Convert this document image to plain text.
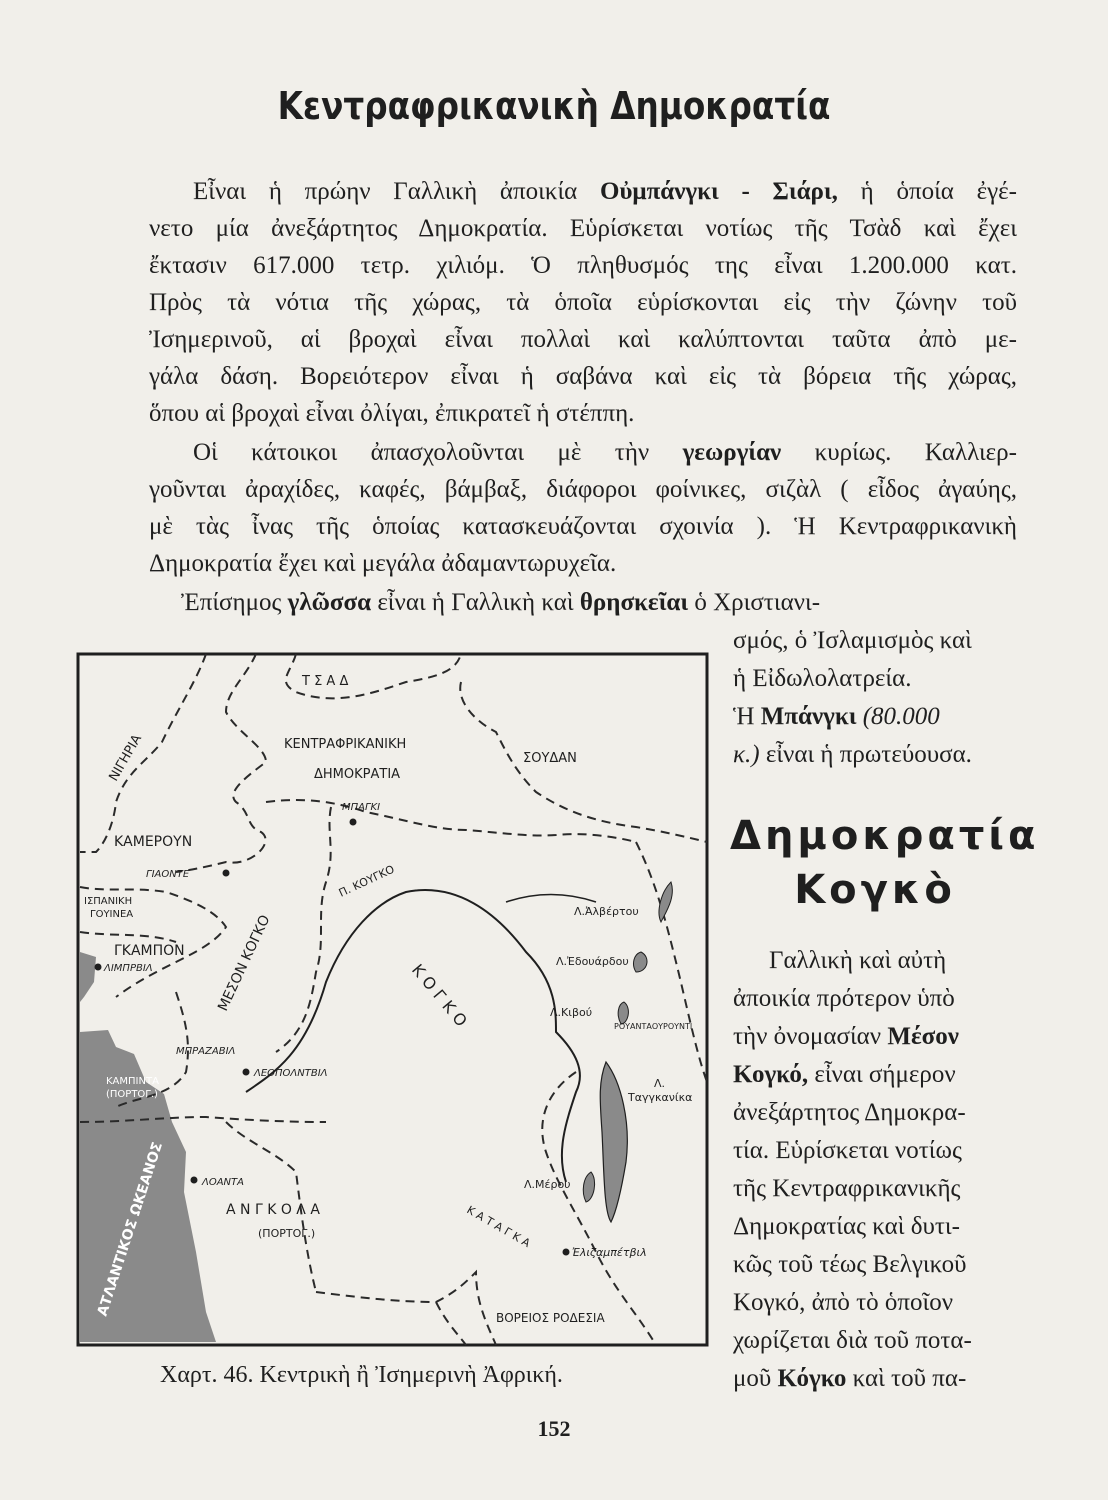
Κεντραφρικανικὴ Δημοκρατία
Εἶναι ἡ πρώην Γαλλικὴ ἀποικία Οὐμπάνγκι - Σιάρι, ἡ ὁποία ἐγέ-
νετο μία ἀνεξάρτητος Δημοκρατία. Εὑρίσκεται νοτίως τῆς Τσὰδ καὶ ἔχει
ἔκτασιν 617.000 τετρ. χιλιόμ. Ὁ πληθυσμός της εἶναι 1.200.000 κατ.
Πρὸς τὰ νότια τῆς χώρας, τὰ ὁποῖα εὑρίσκονται εἰς τὴν ζώνην τοῦ
Ἰσημερινοῦ, αἱ βροχαὶ εἶναι πολλαὶ καὶ καλύπτονται ταῦτα ἀπὸ με-
γάλα δάση. Βορειότερον εἶναι ἡ σαβάνα καὶ εἰς τὰ βόρεια τῆς χώρας,
ὅπου αἱ βροχαὶ εἶναι ὀλίγαι, ἐπικρατεῖ ἡ στέππη.
Οἱ κάτοικοι ἀπασχολοῦνται μὲ τὴν γεωργίαν κυρίως. Καλλιερ-
γοῦνται ἀραχίδες, καφές, βάμβαξ, διάφοροι φοίνικες, σιζὰλ ( εἶδος ἀγαύης,
μὲ τὰς ἶνας τῆς ὁποίας κατασκευάζονται σχοινία ). Ἡ Κεντραφρικανικὴ
Δημοκρατία ἔχει καὶ μεγάλα ἀδαμαντωρυχεῖα.
Ἐπίσημος γλῶσσα εἶναι ἡ Γαλλικὴ καὶ θρησκεῖαι ὁ Χριστιανι-
σμός, ὁ Ἰσλαμισμὸς καὶ
ἡ Εἰδωλολατρεία.
Ἡ Μπάνγκι (80.000
κ.) εἶναι ἡ πρωτεύουσα.
Δημοκρατία
Κογκὸ
Γαλλικὴ καὶ αὐτὴ
ἀποικία πρότερον ὑπὸ
τὴν ὀνομασίαν Μέσον
Κογκό, εἶναι σήμερον
ἀνεξάρτητος Δημοκρα-
τία. Εὑρίσκεται νοτίως
τῆς Κεντραφρικανικῆς
Δημοκρατίας καὶ δυτι-
κῶς τοῦ τέως Βελγικοῦ
Κογκό, ἀπὸ τὸ ὁποῖον
χωρίζεται διὰ τοῦ ποτα-
μοῦ Κόγκο καὶ τοῦ πα-
Τ Σ Α Δ
ΝΙΓΗΡΙΑ	ΚΕΝΤΡΑΦΡΙΚΑΝΙΚΗ
ΔΗΜΟΚΡΑΤΙΑ
ΣΟΥΔΑΝ
ΜΠΑΓΚΙ
ΚΑΜΕΡΟΥΝ
ΓΙΑΟΝΤΕ
ΙΣΠΑΝΙΚΗ
ΓΟΥΙΝΕΑ
ΓΚΑΜΠΟΝ
ΛΙΜΠΡΒΙΛ	ΜΕΣΟΝ ΚΟΓΚΟ
Π. ΚΟΥΓΚΟ
Κ Ο Γ Κ Ο
Λ.Ἀλβέρτου
Λ.Ἐδουάρδου
Λ.Κιβού
ΡΟΥΑΝΤΑΟΥΡΟΥΝΤΙ
Λ.
Ταγγκανίκα
ΜΠΡΑΖΑΒΙΛ
ΛΕΟΠΟΛΝΤΒΙΛ
ΚΑΜΠΙΝΤΑ
(ΠΟΡΤΟΓ.)
ΑΤΛΑΝΤΙΚΟΣ ΩΚΕΑΝΟΣ	ΛΟΑΝΤΑ
Α Ν Γ Κ Ο Λ Α
(ΠΟΡΤΟΓ.)
Λ.Μέρου
Κ Α Τ Α Γ Κ Α
Ἐλιζαμπέτβιλ
ΒΟΡΕΙΟΣ ΡΟΔΕΣΙΑ
Χαρτ. 46. Κεντρικὴ ἢ Ἰσημερινὴ Ἀφρική.
152
